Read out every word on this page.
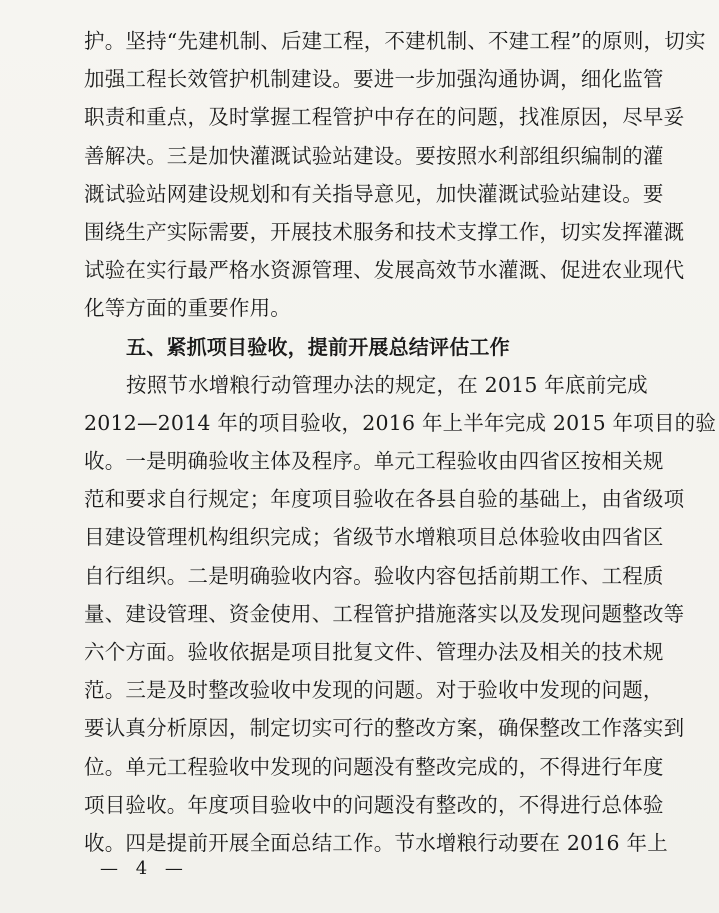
护。坚持“先建机制、后建工程，不建机制、不建工程”的原则，切实
加强工程长效管护机制建设。要进一步加强沟通协调，细化监管
职责和重点，及时掌握工程管护中存在的问题，找准原因，尽早妥
善解决。三是加快灌溉试验站建设。要按照水利部组织编制的灌
溉试验站网建设规划和有关指导意见，加快灌溉试验站建设。要
围绕生产实际需要，开展技术服务和技术支撑工作，切实发挥灌溉
试验在实行最严格水资源管理、发展高效节水灌溉、促进农业现代
化等方面的重要作用。
五、紧抓项目验收，提前开展总结评估工作
按照节水增粮行动管理办法的规定，在 2015 年底前完成
2012—2014 年的项目验收，2016 年上半年完成 2015 年项目的验
收。一是明确验收主体及程序。单元工程验收由四省区按相关规
范和要求自行规定；年度项目验收在各县自验的基础上，由省级项
目建设管理机构组织完成；省级节水增粮项目总体验收由四省区
自行组织。二是明确验收内容。验收内容包括前期工作、工程质
量、建设管理、资金使用、工程管护措施落实以及发现问题整改等
六个方面。验收依据是项目批复文件、管理办法及相关的技术规
范。三是及时整改验收中发现的问题。对于验收中发现的问题，
要认真分析原因，制定切实可行的整改方案，确保整改工作落实到
位。单元工程验收中发现的问题没有整改完成的，不得进行年度
项目验收。年度项目验收中的问题没有整改的，不得进行总体验
收。四是提前开展全面总结工作。节水增粮行动要在 2016 年上
— 4 —
